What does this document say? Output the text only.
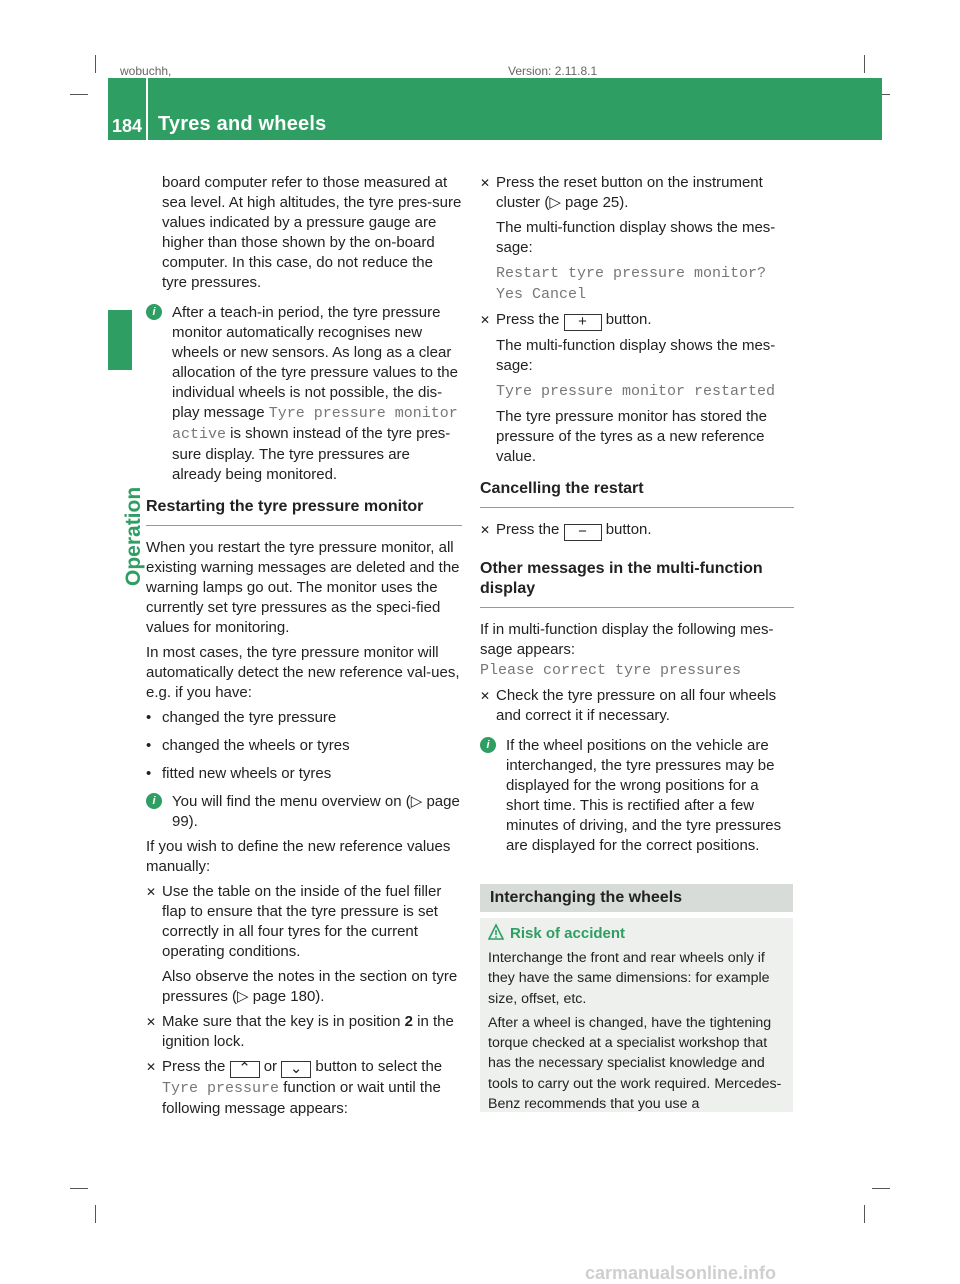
wobuchh,	Version: 2.11.8.1
184 Tyres and wheels
Operation

board computer refer to those measured at sea level. At high altitudes, the tyre pres-sure values indicated by a pressure gauge are higher than those shown by the on-board computer. In this case, do not reduce the tyre pressures.

i	After a teach-in period, the tyre pressure monitor automatically recognises new wheels or new sensors. As long as a clear allocation of the tyre pressure values to the individual wheels is not possible, the dis-play message Tyre pressure monitor active is shown instead of the tyre pres-sure display. The tyre pressures are already being monitored.
Restarting the tyre pressure monitor

When you restart the tyre pressure monitor, all existing warning messages are deleted and the warning lamps go out. The monitor uses the currently set tyre pressures as the speci-fied values for monitoring.

In most cases, the tyre pressure monitor will automatically detect the new reference val-ues, e.g. if you have:

• changed the tyre pressure
• changed the wheels or tyres
• fitted new wheels or tyres
i	You will find the menu overview on (▷ page 99).

If you wish to define the new reference values manually:

✕ Use the table on the inside of the fuel filler flap to ensure that the tyre pressure is set correctly in all four tyres for the current operating conditions.

Also observe the notes in the section on tyre pressures (▷ page 180).

✕ Make sure that the key is in position 2 in the ignition lock.
✕ Press the ⌃ or ⌄ button to select the Tyre pressure function or wait until the following message appears:
✕ Press the reset button on the instrument cluster (▷ page 25).

The multi-function display shows the mes-sage:

Restart tyre pressure monitor?
Yes Cancel

✕ Press the + button.

The multi-function display shows the mes-sage:

Tyre pressure monitor restarted

The tyre pressure monitor has stored the pressure of the tyres as a new reference value.

Cancelling the restart
✕ Press the − button.
Other messages in the multi-function display

If in multi-function display the following mes-sage appears:

Please correct tyre pressures

✕ Check the tyre pressure on all four wheels and correct it if necessary.
i	If the wheel positions on the vehicle are interchanged, the tyre pressures may be displayed for the wrong positions for a short time. This is rectified after a few minutes of driving, and the tyre pressures are displayed for the correct positions.
Interchanging the wheels
Risk of accident

Interchange the front and rear wheels only if they have the same dimensions: for example size, offset, etc.

After a wheel is changed, have the tightening torque checked at a specialist workshop that has the necessary specialist knowledge and tools to carry out the work required. Mercedes-Benz recommends that you use a

carmanualsonline.info
